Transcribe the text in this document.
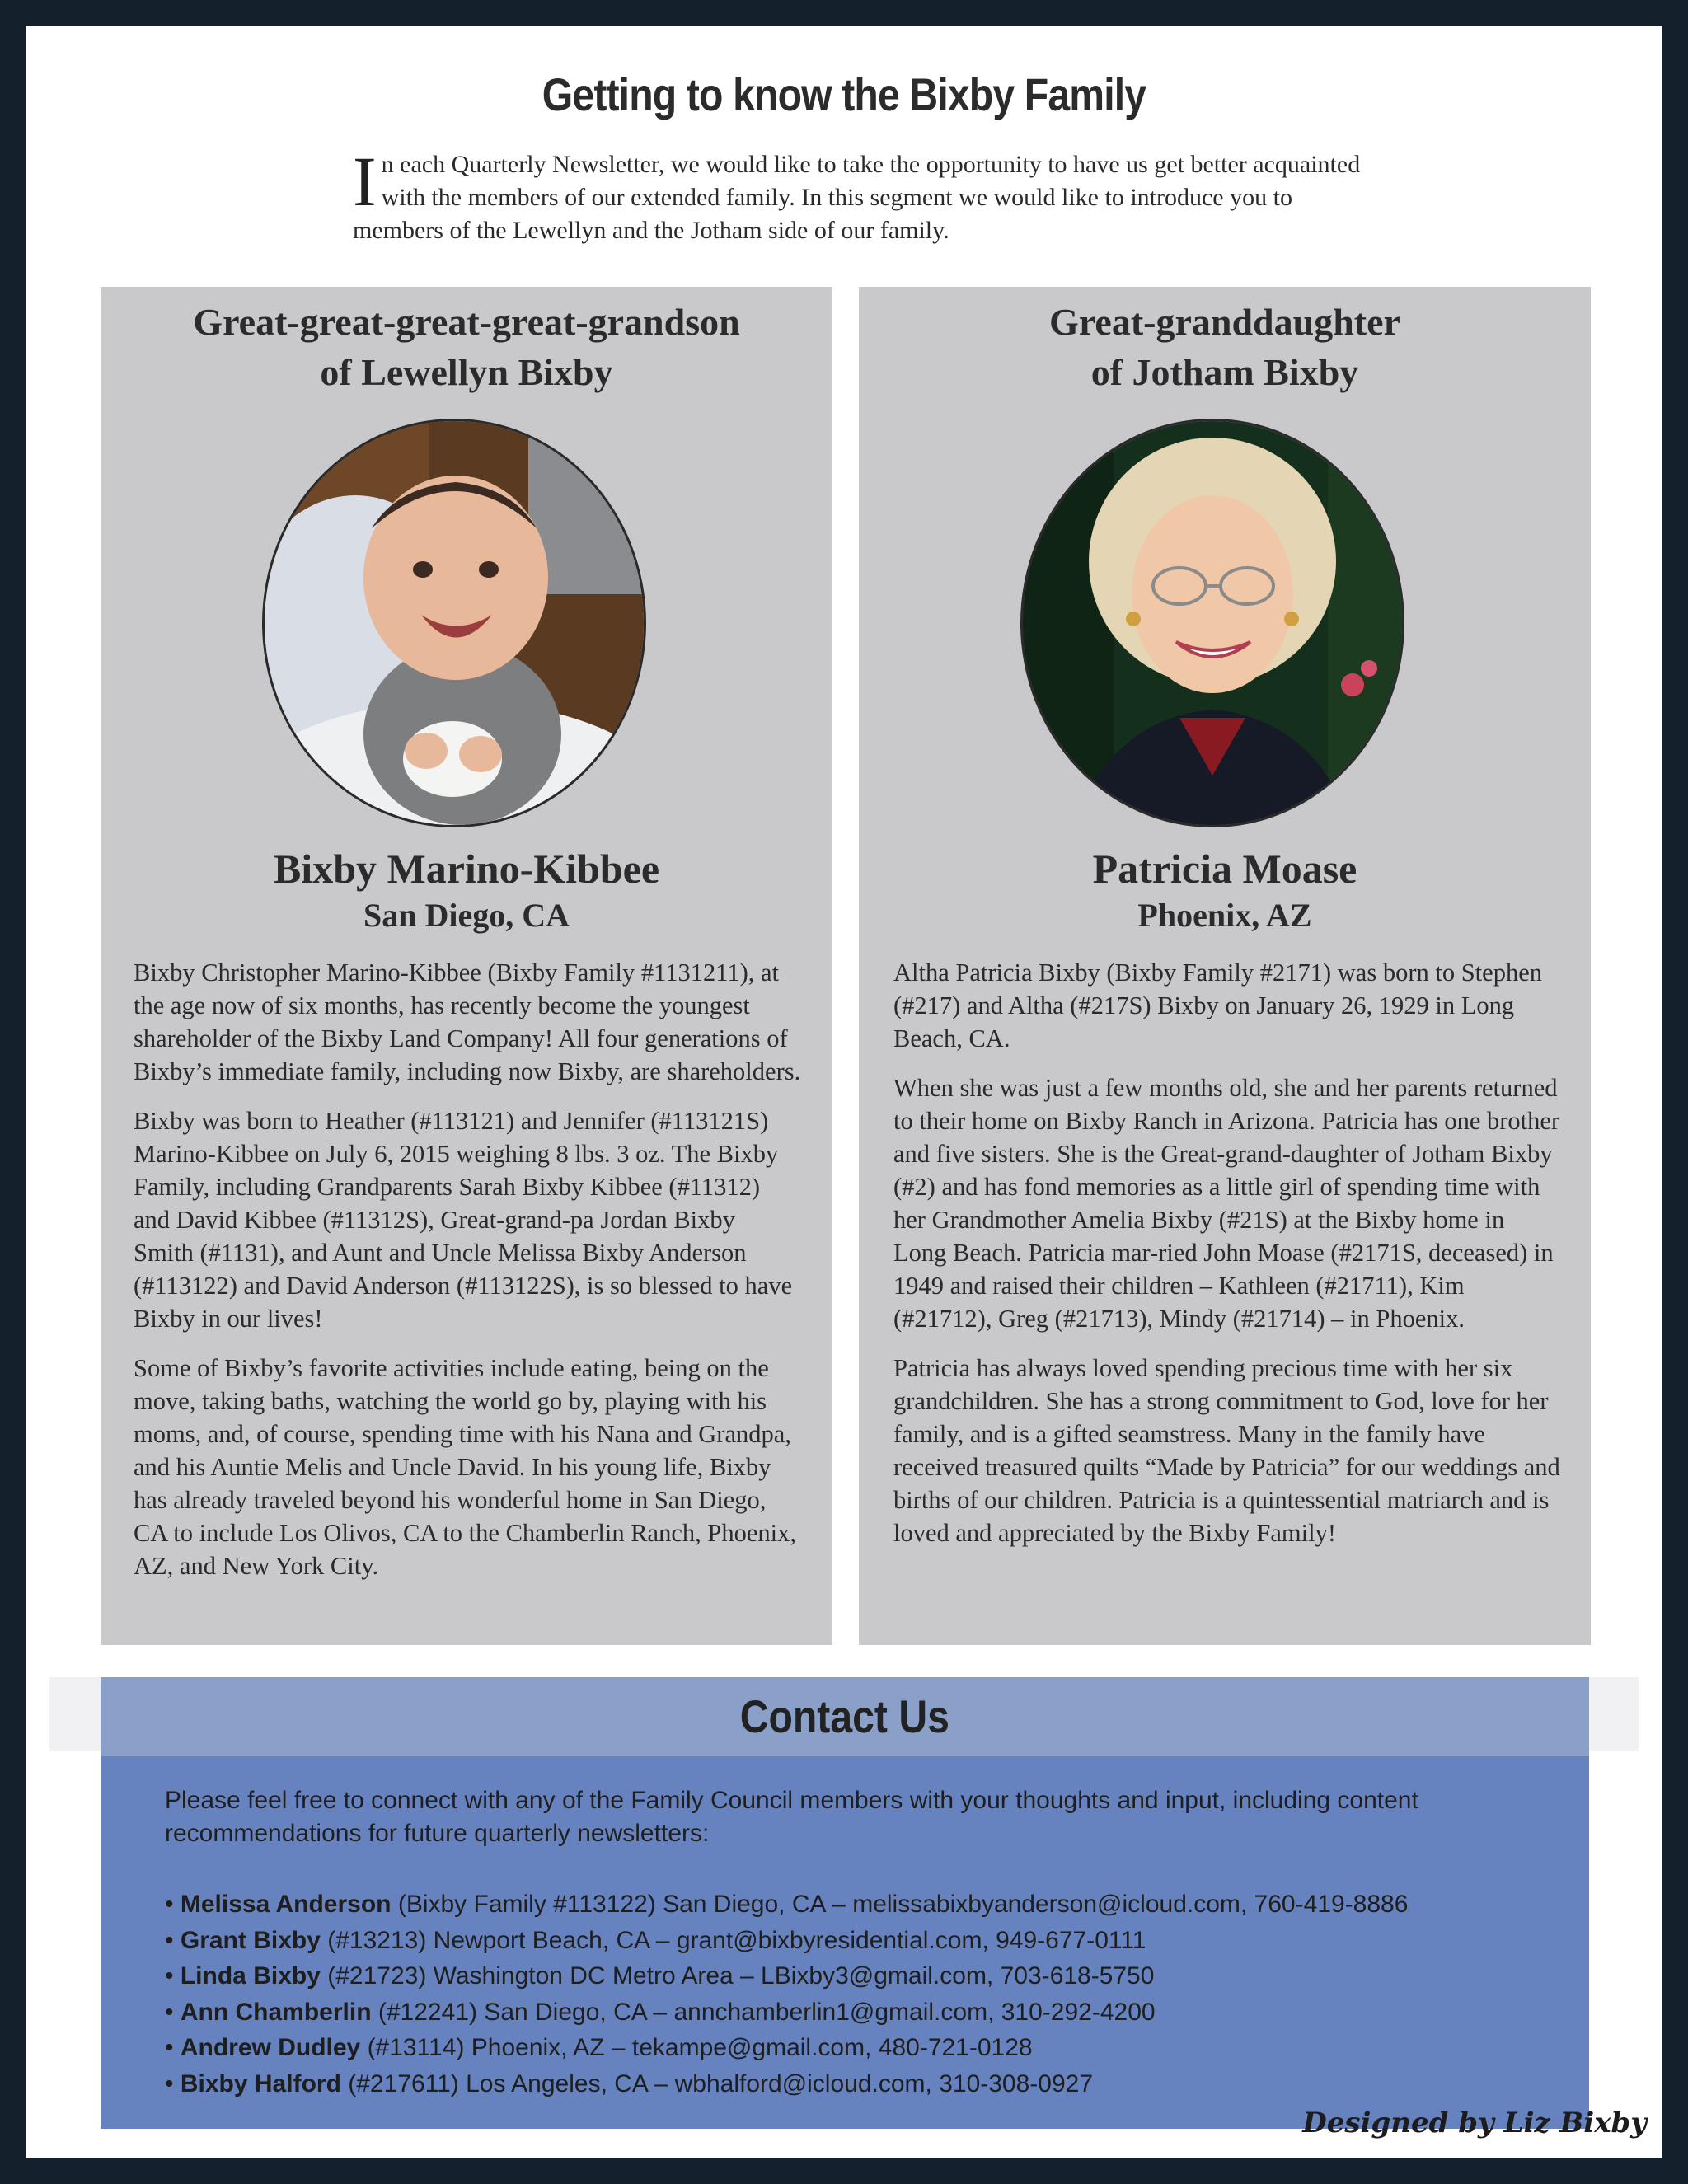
Getting to know the Bixby Family
In each Quarterly Newsletter, we would like to take the opportunity to have us get better acquainted with the members of our extended family. In this segment we would like to introduce you to members of the Lewellyn and the Jotham side of our family.
Great-great-great-great-grandson
of Lewellyn Bixby
Bixby Marino-Kibbee
San Diego, CA

Bixby Christopher Marino-Kibbee (Bixby Family #1131211), at the age now of six months, has recently become the youngest shareholder of the Bixby Land Company! All four generations of Bixby’s immediate family, including now Bixby, are shareholders.

Bixby was born to Heather (#113121) and Jennifer (#113121S) Marino-Kibbee on July 6, 2015 weighing 8 lbs. 3 oz. The Bixby Family, including Grandparents Sarah Bixby Kibbee (#11312) and David Kibbee (#11312S), Great-grand-pa Jordan Bixby Smith (#1131), and Aunt and Uncle Melissa Bixby Anderson (#113122) and David Anderson (#113122S), is so blessed to have Bixby in our lives!

Some of Bixby’s favorite activities include eating, being on the move, taking baths, watching the world go by, playing with his moms, and, of course, spending time with his Nana and Grandpa, and his Auntie Melis and Uncle David. In his young life, Bixby has already traveled beyond his wonderful home in San Diego, CA to include Los Olivos, CA to the Chamberlin Ranch, Phoenix, AZ, and New York City.

Great-granddaughter
of Jotham Bixby
Patricia Moase
Phoenix, AZ

Altha Patricia Bixby (Bixby Family #2171) was born to Stephen (#217) and Altha (#217S) Bixby on January 26, 1929 in Long Beach, CA.

When she was just a few months old, she and her parents returned to their home on Bixby Ranch in Arizona. Patricia has one brother and five sisters. She is the Great-grand-daughter of Jotham Bixby (#2) and has fond memories as a little girl of spending time with her Grandmother Amelia Bixby (#21S) at the Bixby home in Long Beach. Patricia mar-ried John Moase (#2171S, deceased) in 1949 and raised their children – Kathleen (#21711), Kim (#21712), Greg (#21713), Mindy (#21714) – in Phoenix.

Patricia has always loved spending precious time with her six grandchildren. She has a strong commitment to God, love for her family, and is a gifted seamstress. Many in the family have received treasured quilts “Made by Patricia” for our weddings and births of our children. Patricia is a quintessential matriarch and is loved and appreciated by the Bixby Family!

Contact Us
Please feel free to connect with any of the Family Council members with your thoughts and input, including content recommendations for future quarterly newsletters:
• Melissa Anderson (Bixby Family #113122) San Diego, CA – melissabixbyanderson@icloud.com, 760-419-8886
• Grant Bixby (#13213) Newport Beach, CA – grant@bixbyresidential.com, 949-677-0111
• Linda Bixby (#21723) Washington DC Metro Area – LBixby3@gmail.com, 703-618-5750
• Ann Chamberlin (#12241) San Diego, CA – annchamberlin1@gmail.com, 310-292-4200
• Andrew Dudley (#13114) Phoenix, AZ – tekampe@gmail.com, 480-721-0128
• Bixby Halford (#217611) Los Angeles, CA – wbhalford@icloud.com, 310-308-0927
Designed by Liz Bixby
